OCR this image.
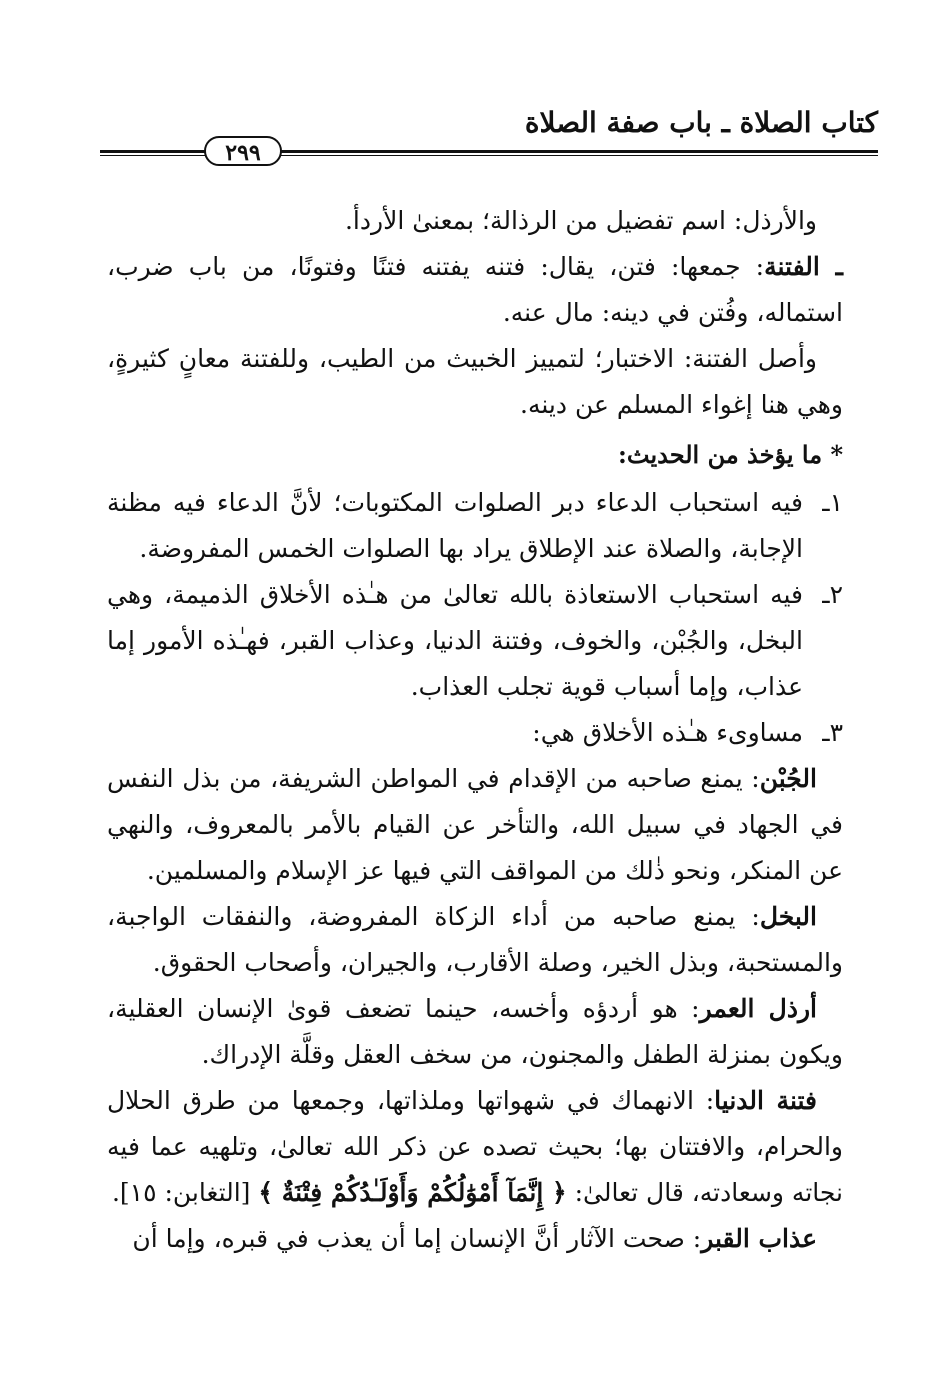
كتاب الصلاة ـ باب صفة الصلاة
٢٩٩

والأرذل: اسم تفضيل من الرذالة؛ بمعنىٰ الأردأ.

ـ الفتنة: جمعها: فتن، يقال: فتنه يفتنه فتنًا وفتونًا، من باب ضرب، استماله، وفُتن في دينه: مال عنه.

وأصل الفتنة: الاختبار؛ لتمييز الخبيث من الطيب، وللفتنة معانٍ كثيرةٍ، وهي هنا إغواء المسلم عن دينه.

* ما يؤخذ من الحديث:

١ـفيه استحباب الدعاء دبر الصلوات المكتوبات؛ لأنَّ الدعاء فيه مظنة الإجابة، والصلاة عند الإطلاق يراد بها الصلوات الخمس المفروضة.

٢ـفيه استحباب الاستعاذة بالله تعالىٰ من هـٰذه الأخلاق الذميمة، وهي البخل، والجُبْن، والخوف، وفتنة الدنيا، وعذاب القبر، فهـٰذه الأمور إما عذاب، وإما أسباب قوية تجلب العذاب.

٣ـمساوىء هـٰذه الأخلاق هي:

الجُبْن: يمنع صاحبه من الإقدام في المواطن الشريفة، من بذل النفس في الجهاد في سبيل الله، والتأخر عن القيام بالأمر بالمعروف، والنهي عن المنكر، ونحو ذٰلك من المواقف التي فيها عز الإسلام والمسلمين.

البخل: يمنع صاحبه من أداء الزكاة المفروضة، والنفقات الواجبة، والمستحبة، وبذل الخير، وصلة الأقارب، والجيران، وأصحاب الحقوق.

أرذل العمر: هو أردؤه وأخسه، حينما تضعف قوىٰ الإنسان العقلية، ويكون بمنزلة الطفل والمجنون، من سخف العقل وقلَّة الإدراك.

فتنة الدنيا: الانهماك في شهواتها وملذاتها، وجمعها من طرق الحلال والحرام، والافتتان بها؛ بحيث تصده عن ذكر الله تعالىٰ، وتلهيه عما فيه نجاته وسعادته، قال تعالىٰ: ﴿ إِنَّمَآ أَمْوَٰلُكُمْ وَأَوْلَـٰدُكُمْ فِتْنَةٌ ﴾ [التغابن: ١٥].

عذاب القبر: صحت الآثار أنَّ الإنسان إما أن يعذب في قبره، وإما أن
